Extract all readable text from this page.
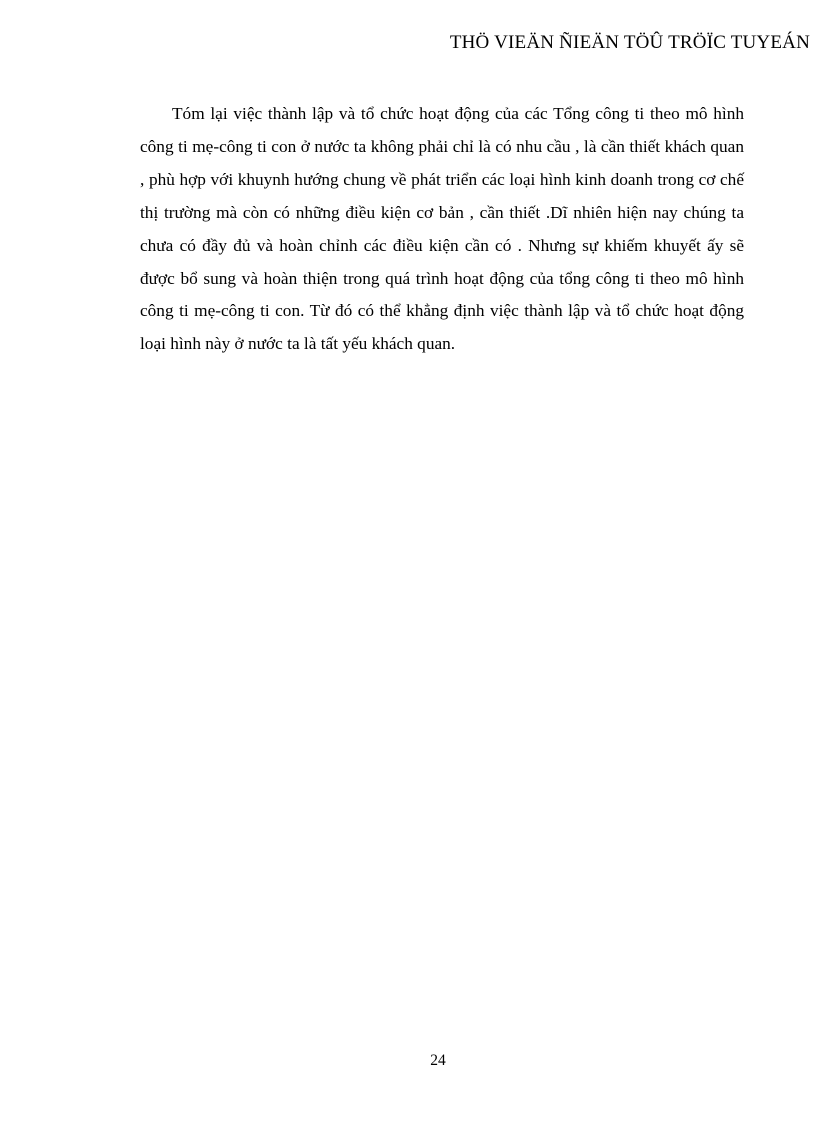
THÖ VIEÄN ÑIEÄN TÖÛ TRÖÏC TUYEÁN

Tóm lại việc thành lập và tổ chức hoạt động của các Tổng công ti theo mô hình công ti mẹ-công ti con ở nước ta không phải chỉ là có nhu cầu , là cần thiết khách quan , phù hợp với khuynh hướng chung về phát triển các loại hình kinh doanh trong cơ chế thị trường mà còn có những điều kiện cơ bản , cần thiết .Dĩ nhiên hiện nay chúng ta chưa có đầy đủ và hoàn chỉnh các điều kiện cần có . Nhưng sự khiếm khuyết ấy sẽ được bổ sung và hoàn thiện trong quá trình hoạt động của tổng công ti theo mô hình công ti mẹ-công ti con. Từ đó có thể khẳng định việc thành lập và tổ chức hoạt động loại hình này ở nước ta là tất yếu khách quan.

24
